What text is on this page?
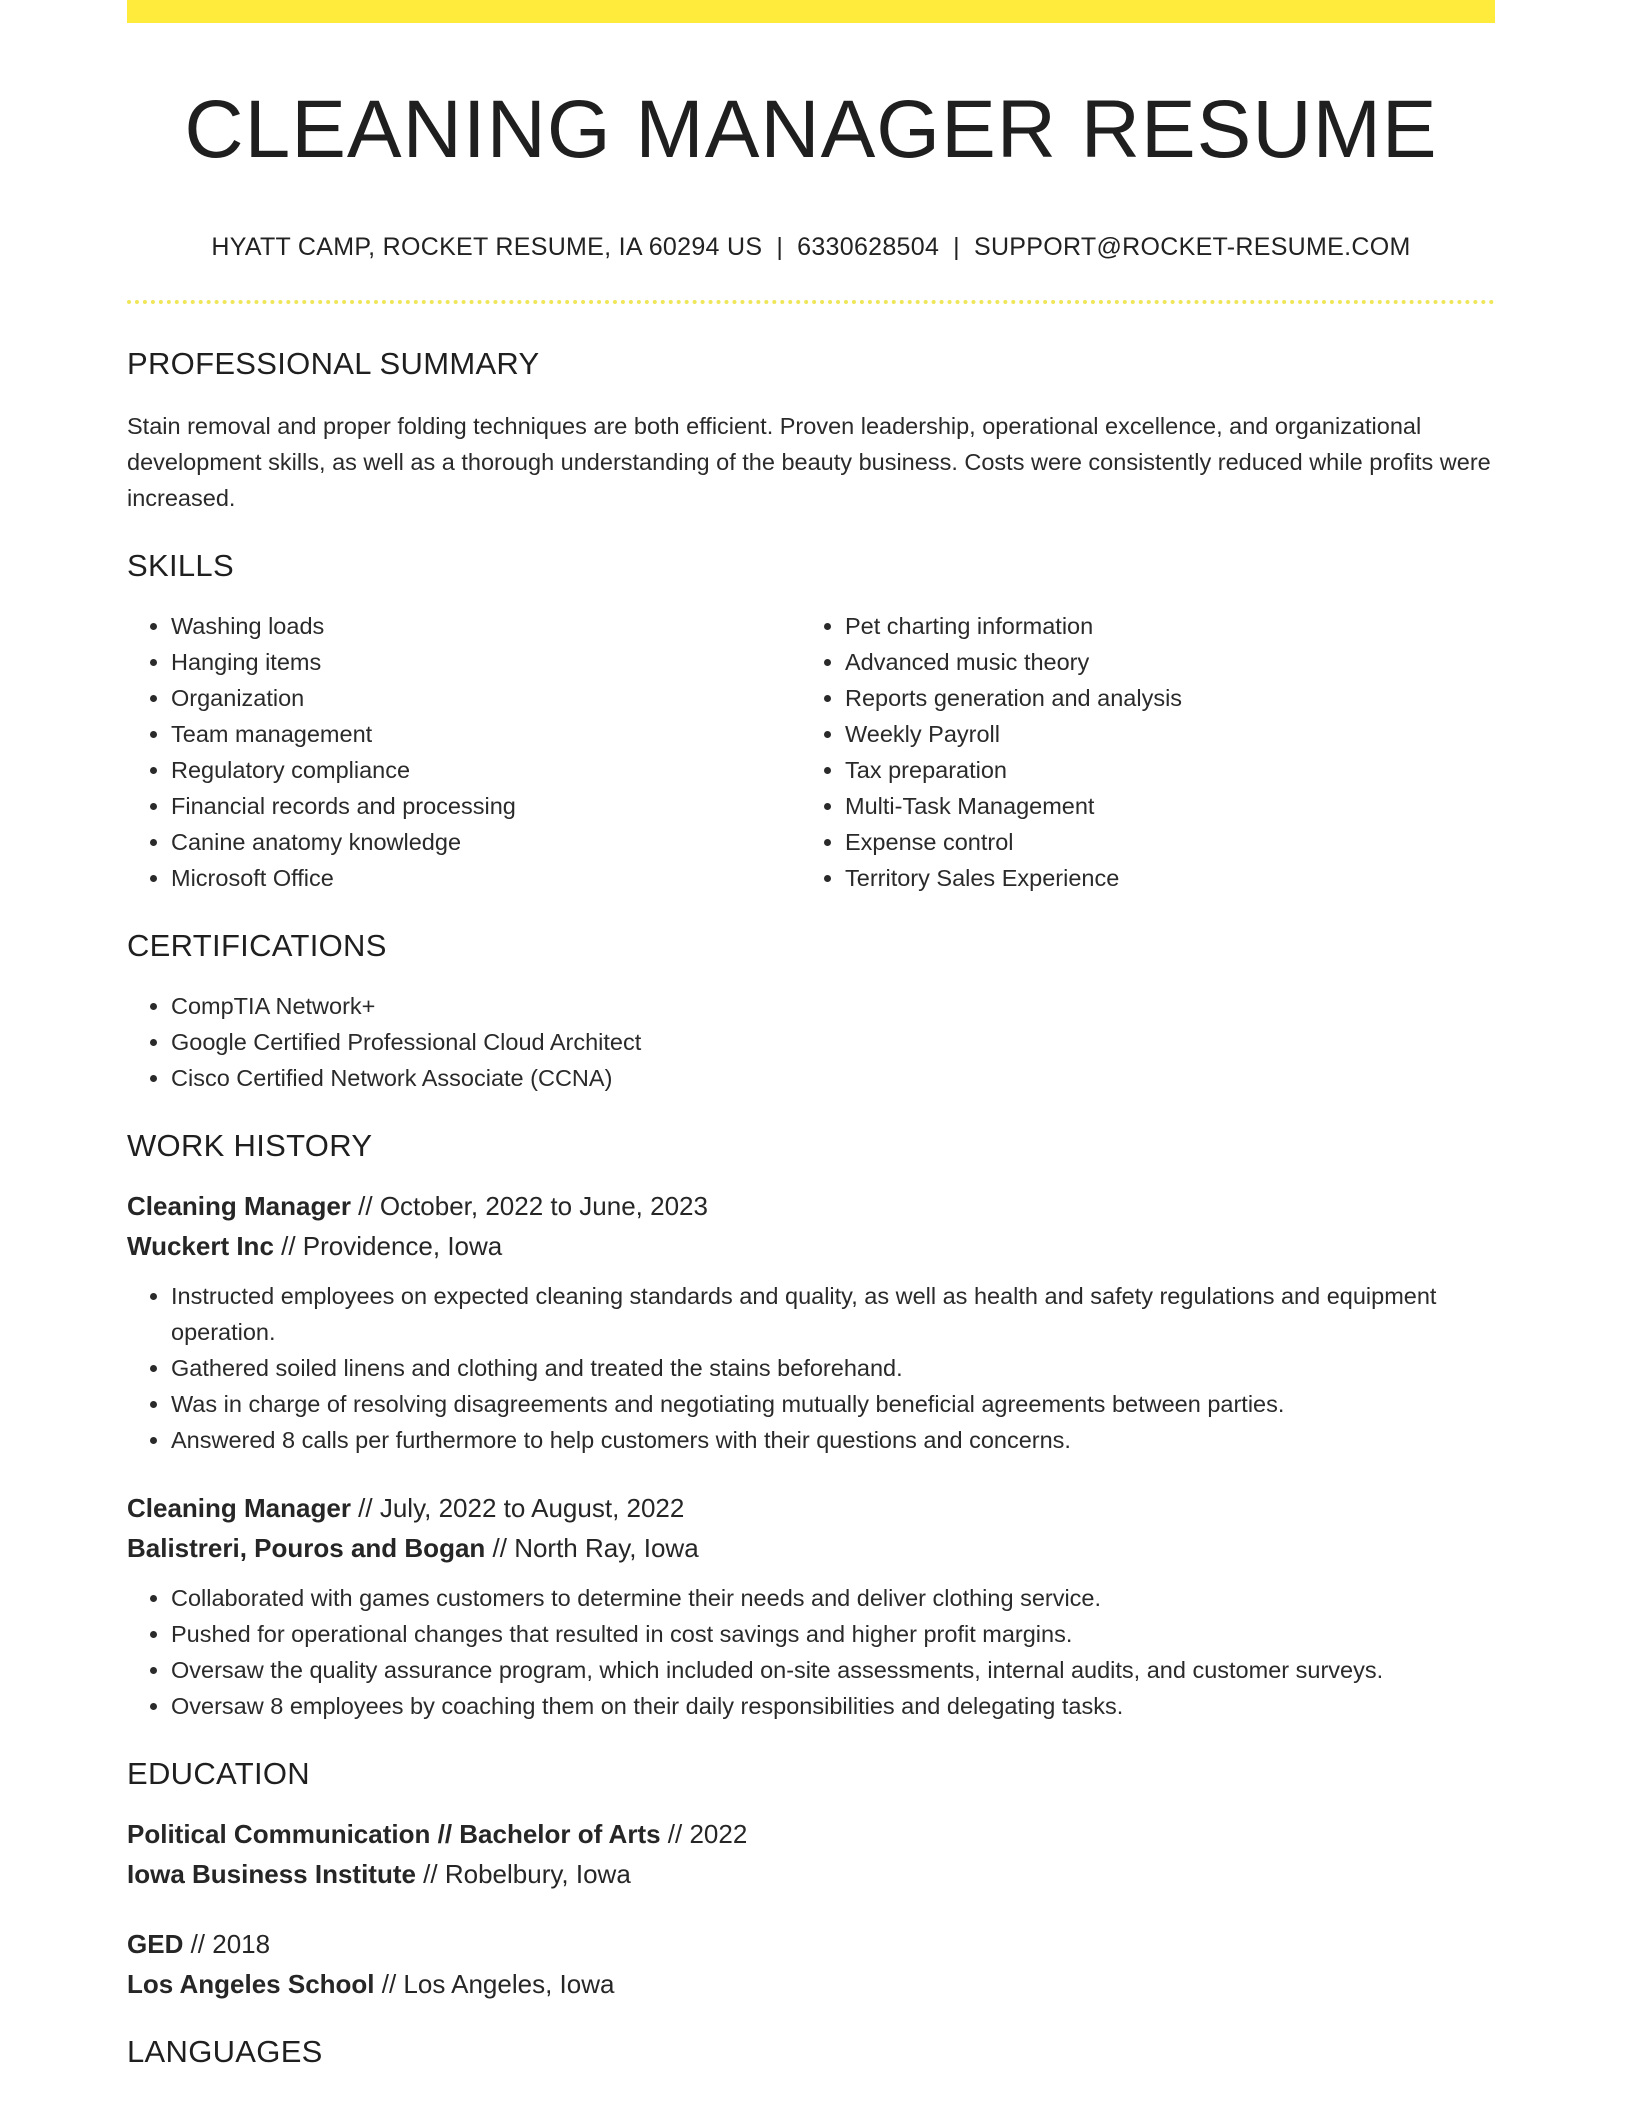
CLEANING MANAGER RESUME
HYATT CAMP, ROCKET RESUME, IA 60294 US | 6330628504 | SUPPORT@ROCKET-RESUME.COM
PROFESSIONAL SUMMARY
Stain removal and proper folding techniques are both efficient. Proven leadership, operational excellence, and organizational development skills, as well as a thorough understanding of the beauty business. Costs were consistently reduced while profits were increased.
SKILLS
• Washing loads
• Hanging items
• Organization
• Team management
• Regulatory compliance
• Financial records and processing
• Canine anatomy knowledge
• Microsoft Office
• Pet charting information
• Advanced music theory
• Reports generation and analysis
• Weekly Payroll
• Tax preparation
• Multi-Task Management
• Expense control
• Territory Sales Experience
CERTIFICATIONS
• CompTIA Network+
• Google Certified Professional Cloud Architect
• Cisco Certified Network Associate (CCNA)
WORK HISTORY
Cleaning Manager // October, 2022 to June, 2023
Wuckert Inc // Providence, Iowa
• Instructed employees on expected cleaning standards and quality, as well as health and safety regulations and equipment operation.
• Gathered soiled linens and clothing and treated the stains beforehand.
• Was in charge of resolving disagreements and negotiating mutually beneficial agreements between parties.
• Answered 8 calls per furthermore to help customers with their questions and concerns.
Cleaning Manager // July, 2022 to August, 2022
Balistreri, Pouros and Bogan // North Ray, Iowa
• Collaborated with games customers to determine their needs and deliver clothing service.
• Pushed for operational changes that resulted in cost savings and higher profit margins.
• Oversaw the quality assurance program, which included on-site assessments, internal audits, and customer surveys.
• Oversaw 8 employees by coaching them on their daily responsibilities and delegating tasks.
EDUCATION
Political Communication // Bachelor of Arts // 2022
Iowa Business Institute // Robelbury, Iowa
GED // 2018
Los Angeles School // Los Angeles, Iowa
LANGUAGES
